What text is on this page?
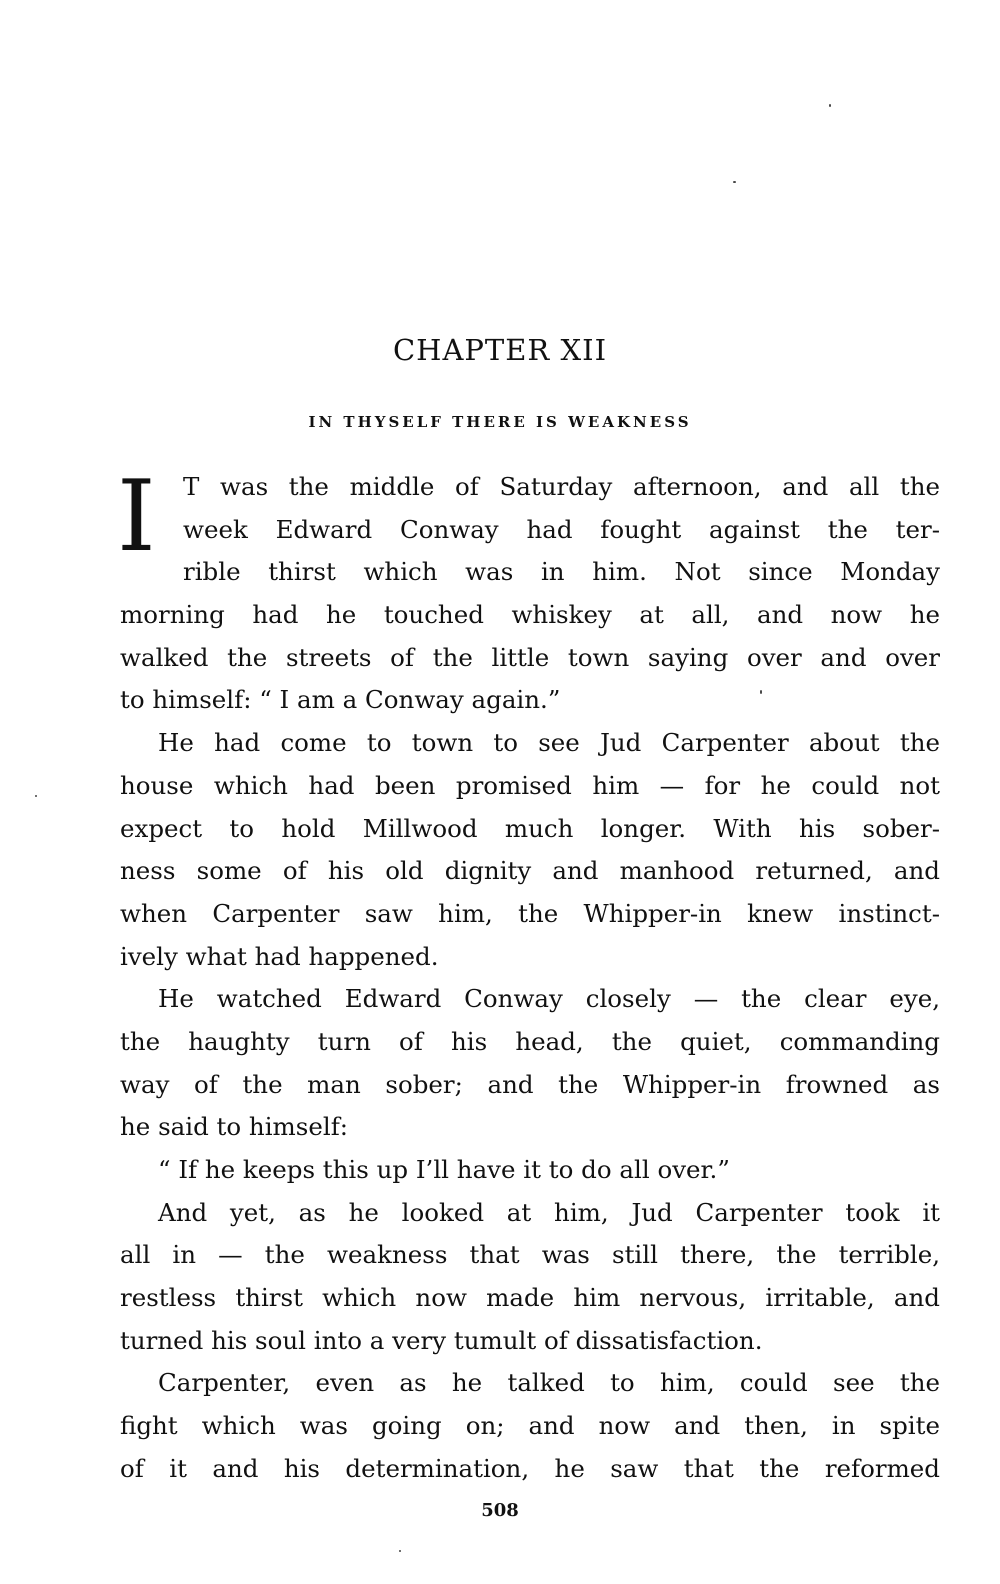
CHAPTER XII
IN THYSELF THERE IS WEAKNESS
I	T was the middle of Saturday afternoon, and all the
week Edward Conway had fought against the ter-
rible thirst which was in him. Not since Monday
morning had he touched whiskey at all, and now he
walked the streets of the little town saying over and over
to himself: “ I am a Conway again.”
He had come to town to see Jud Carpenter about the
house which had been promised him — for he could not
expect to hold Millwood much longer. With his sober-
ness some of his old dignity and manhood returned, and
when Carpenter saw him, the Whipper-in knew instinct-
ively what had happened.
He watched Edward Conway closely — the clear eye,
the haughty turn of his head, the quiet, commanding
way of the man sober; and the Whipper-in frowned as
he said to himself:
“ If he keeps this up I’ll have it to do all over.”
And yet, as he looked at him, Jud Carpenter took it
all in — the weakness that was still there, the terrible,
restless thirst which now made him nervous, irritable, and
turned his soul into a very tumult of dissatisfaction.
Carpenter, even as he talked to him, could see the
fight which was going on; and now and then, in spite
of it and his determination, he saw that the reformed
508
